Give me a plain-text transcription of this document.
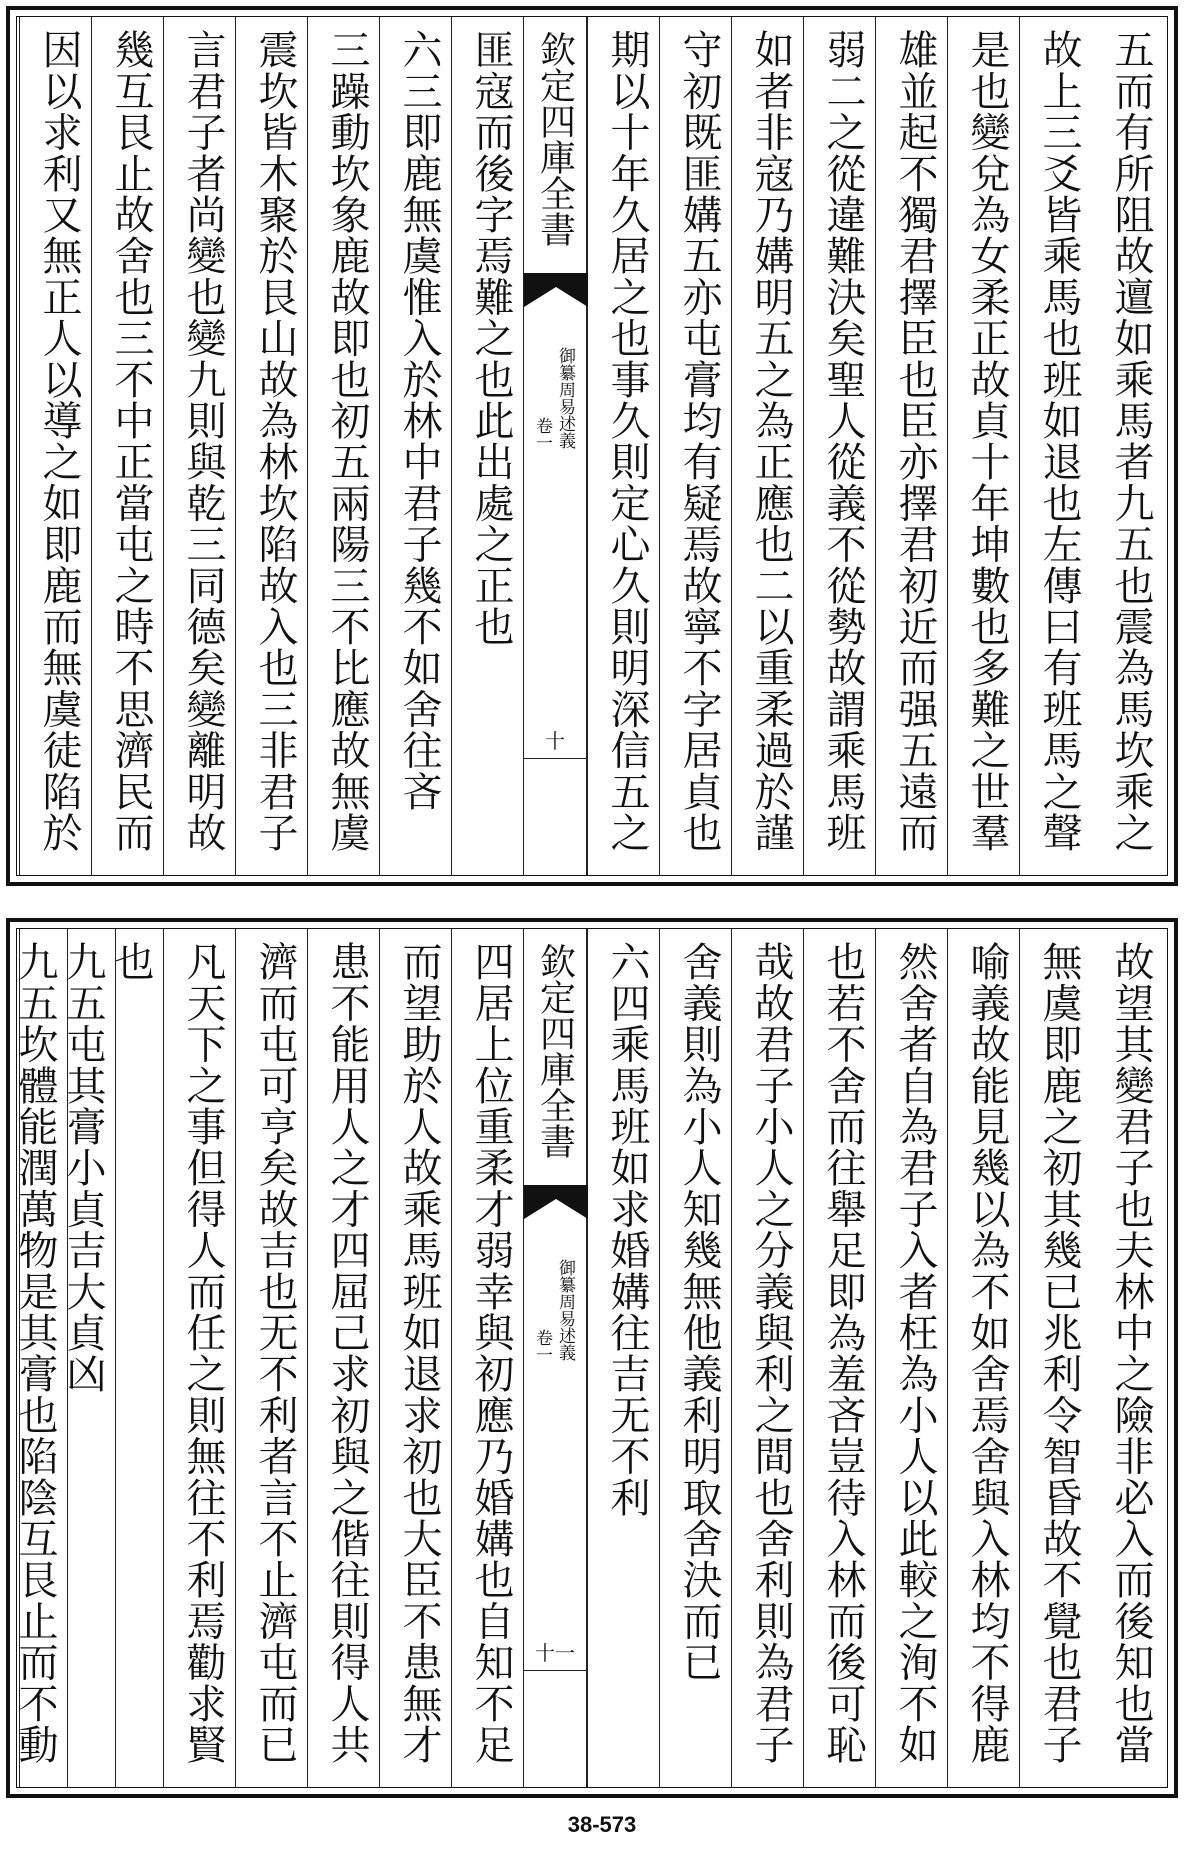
五而有所阻故邅如乘馬者九五也震為馬坎乘之
故上三爻皆乘馬也班如退也左傳曰有班馬之聲
是也變兌為女柔正故貞十年坤數也多難之世羣
雄並起不獨君擇臣也臣亦擇君初近而强五遠而
弱二之從違難決矣聖人從義不從勢故謂乘馬班
如者非寇乃媾明五之為正應也二以重柔過於謹
守初既匪媾五亦屯膏均有疑焉故寧不字居貞也
期以十年久居之也事久則定心久則明深信五之
欽定四庫全書
御纂周易述義
卷一
十
匪寇而後字焉難之也此出處之正也
六三即鹿無虞惟入於林中君子幾不如舍往吝
三躁動坎象鹿故即也初五兩陽三不比應故無虞
震坎皆木聚於艮山故為林坎陷故入也三非君子
言君子者尚變也變九則與乾三同德矣變離明故
幾互艮止故舍也三不中正當屯之時不思濟民而
因以求利又無正人以導之如即鹿而無虞徒陷於
故望其變君子也夫林中之險非必入而後知也當
無虞即鹿之初其幾已兆利令智昏故不覺也君子
喻義故能見幾以為不如舍焉舍與入林均不得鹿
然舍者自為君子入者枉為小人以此較之洵不如
也若不舍而往舉足即為羞吝豈待入林而後可恥
哉故君子小人之分義與利之間也舍利則為君子
舍義則為小人知幾無他義利明取舍決而已
六四乘馬班如求婚媾往吉无不利
欽定四庫全書
御纂周易述義
卷一
十一
四居上位重柔才弱幸與初應乃婚媾也自知不足
而望助於人故乘馬班如退求初也大臣不患無才
患不能用人之才四屈己求初與之偕往則得人共
濟而屯可亨矣故吉也无不利者言不止濟屯而已
凡天下之事但得人而任之則無往不利焉勸求賢
也
九五屯其膏小貞吉大貞凶
九五坎體能潤萬物是其膏也陷陰互艮止而不動
38-573
